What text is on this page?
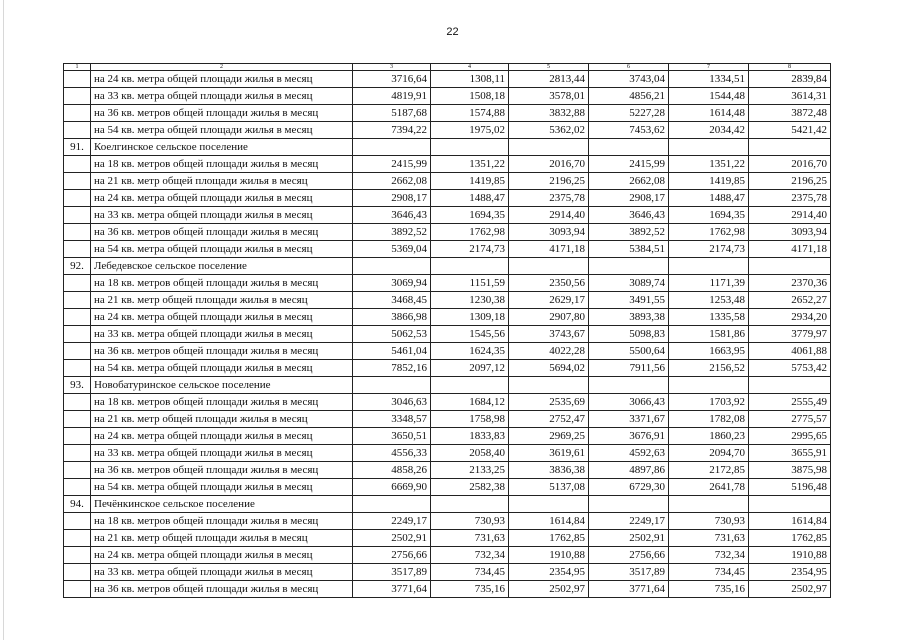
22
1	2	3	4	5	6	7	8
	на 24 кв. метра общей площади жилья в месяц	3716,64	1308,11	2813,44	3743,04	1334,51	2839,84
	на 33 кв. метра общей площади жилья в месяц	4819,91	1508,18	3578,01	4856,21	1544,48	3614,31
	на 36 кв. метров общей площади жилья в месяц	5187,68	1574,88	3832,88	5227,28	1614,48	3872,48
	на 54 кв. метра общей площади жилья в месяц	7394,22	1975,02	5362,02	7453,62	2034,42	5421,42
91.	Коелгинское сельское поселение						
	на 18 кв. метров общей площади жилья в месяц	2415,99	1351,22	2016,70	2415,99	1351,22	2016,70
	на 21 кв. метр общей площади жилья в месяц	2662,08	1419,85	2196,25	2662,08	1419,85	2196,25
	на 24 кв. метра общей площади жилья в месяц	2908,17	1488,47	2375,78	2908,17	1488,47	2375,78
	на 33 кв. метра общей площади жилья в месяц	3646,43	1694,35	2914,40	3646,43	1694,35	2914,40
	на 36 кв. метров общей площади жилья в месяц	3892,52	1762,98	3093,94	3892,52	1762,98	3093,94
	на 54 кв. метра общей площади жилья в месяц	5369,04	2174,73	4171,18	5384,51	2174,73	4171,18
92.	Лебедевское сельское поселение						
	на 18 кв. метров общей площади жилья в месяц	3069,94	1151,59	2350,56	3089,74	1171,39	2370,36
	на 21 кв. метр общей площади жилья в месяц	3468,45	1230,38	2629,17	3491,55	1253,48	2652,27
	на 24 кв. метра общей площади жилья в месяц	3866,98	1309,18	2907,80	3893,38	1335,58	2934,20
	на 33 кв. метра общей площади жилья в месяц	5062,53	1545,56	3743,67	5098,83	1581,86	3779,97
	на 36 кв. метров общей площади жилья в месяц	5461,04	1624,35	4022,28	5500,64	1663,95	4061,88
	на 54 кв. метра общей площади жилья в месяц	7852,16	2097,12	5694,02	7911,56	2156,52	5753,42
93.	Новобатуринское сельское поселение						
	на 18 кв. метров общей площади жилья в месяц	3046,63	1684,12	2535,69	3066,43	1703,92	2555,49
	на 21 кв. метр общей площади жилья в месяц	3348,57	1758,98	2752,47	3371,67	1782,08	2775,57
	на 24 кв. метра общей площади жилья в месяц	3650,51	1833,83	2969,25	3676,91	1860,23	2995,65
	на 33 кв. метра общей площади жилья в месяц	4556,33	2058,40	3619,61	4592,63	2094,70	3655,91
	на 36 кв. метров общей площади жилья в месяц	4858,26	2133,25	3836,38	4897,86	2172,85	3875,98
	на 54 кв. метра общей площади жилья в месяц	6669,90	2582,38	5137,08	6729,30	2641,78	5196,48
94.	Печёнкинское сельское поселение						
	на 18 кв. метров общей площади жилья в месяц	2249,17	730,93	1614,84	2249,17	730,93	1614,84
	на 21 кв. метр общей площади жилья в месяц	2502,91	731,63	1762,85	2502,91	731,63	1762,85
	на 24 кв. метра общей площади жилья в месяц	2756,66	732,34	1910,88	2756,66	732,34	1910,88
	на 33 кв. метра общей площади жилья в месяц	3517,89	734,45	2354,95	3517,89	734,45	2354,95
	на 36 кв. метров общей площади жилья в месяц	3771,64	735,16	2502,97	3771,64	735,16	2502,97
